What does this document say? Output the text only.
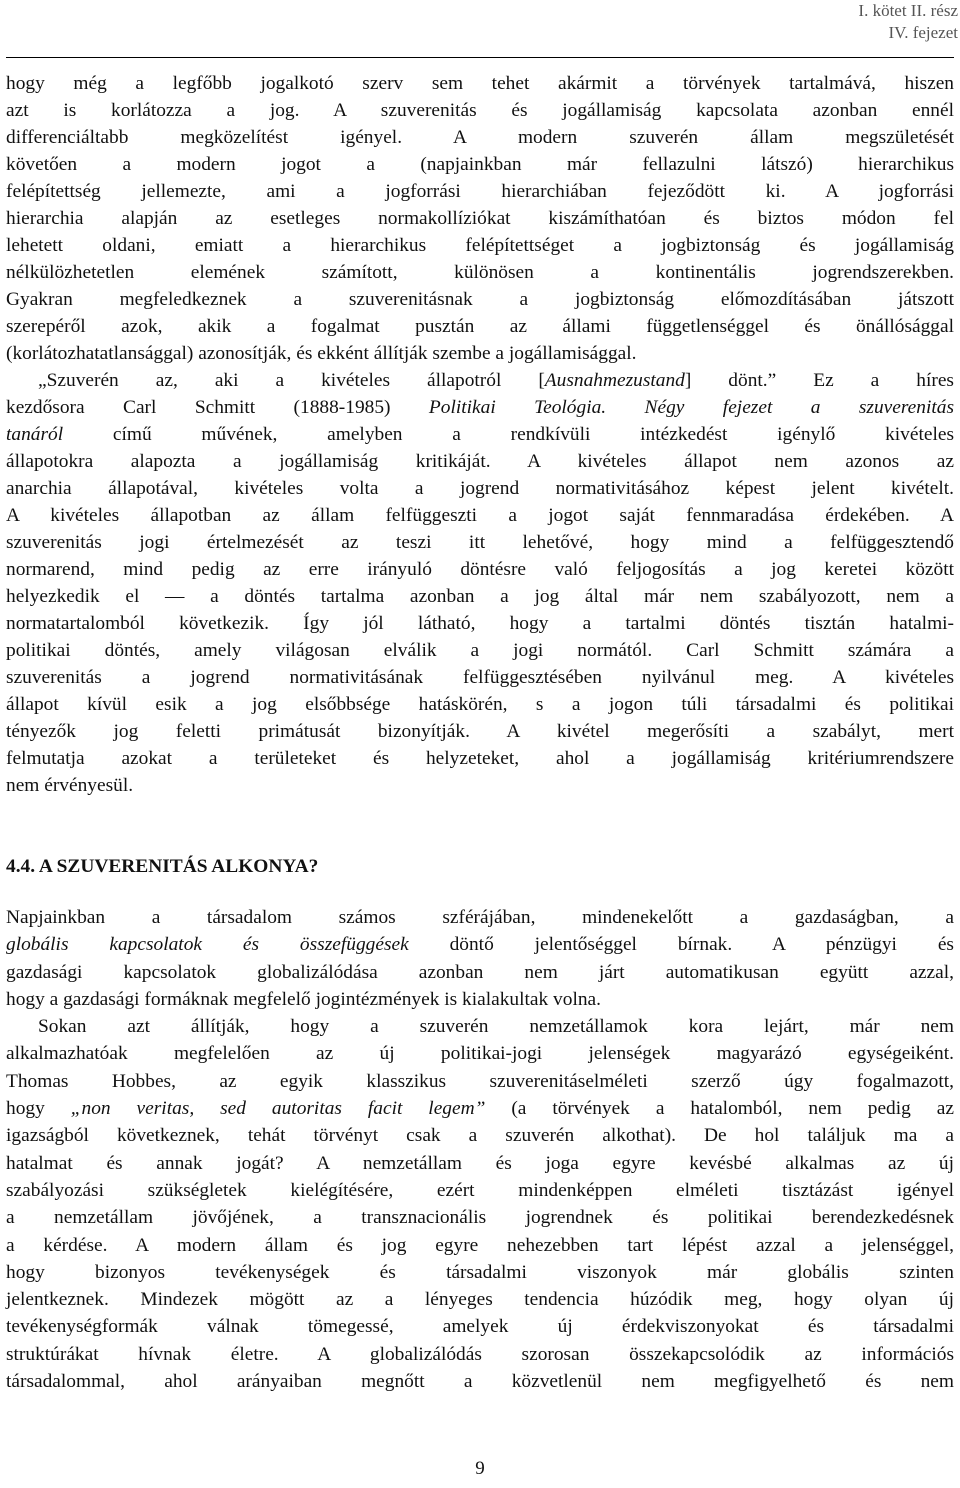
I. kötet II. rész
IV. fejezet

hogy még a legfőbb jogalkotó szerv sem tehet akármit a törvények tartalmává, hiszen
azt is korlátozza a jog. A szuverenitás és jogállamiság kapcsolata azonban ennél
differenciáltabb megközelítést igényel. A modern szuverén állam megszületését
követően a modern jogot a (napjainkban már fellazulni látszó) hierarchikus
felépítettség jellemezte, ami a jogforrási hierarchiában fejeződött ki. A jogforrási
hierarchia alapján az esetleges normakollíziókat kiszámíthatóan és biztos módon fel
lehetett oldani, emiatt a hierarchikus felépítettséget a jogbiztonság és jogállamiság
nélkülözhetetlen elemének számított, különösen a kontinentális jogrendszerekben.
Gyakran megfeledkeznek a szuverenitásnak a jogbiztonság előmozdításában játszott
szerepéről azok, akik a fogalmat pusztán az állami függetlenséggel és önállósággal
(korlátozhatatlansággal) azonosítják, és ekként állítják szembe a jogállamisággal.

„Szuverén az, aki a kivételes állapotról [Ausnahmezustand] dönt.” Ez a híres
kezdősora Carl Schmitt (1888-1985) Politikai Teológia. Négy fejezet a szuverenitás
tanáról című művének, amelyben a rendkívüli intézkedést igénylő kivételes
állapotokra alapozta a jogállamiság kritikáját. A kivételes állapot nem azonos az
anarchia állapotával, kivételes volta a jogrend normativitásához képest jelent kivételt.
A kivételes állapotban az állam felfüggeszti a jogot saját fennmaradása érdekében. A
szuverenitás jogi értelmezését az teszi itt lehetővé, hogy mind a felfüggesztendő
normarend, mind pedig az erre irányuló döntésre való feljogosítás a jog keretei között
helyezkedik el — a döntés tartalma azonban a jog által már nem szabályozott, nem a
normatartalomból következik. Így jól látható, hogy a tartalmi döntés tisztán hatalmi-
politikai döntés, amely világosan elválik a jogi normától. Carl Schmitt számára a
szuverenitás a jogrend normativitásának felfüggesztésében nyilvánul meg. A kivételes
állapot kívül esik a jog elsőbbsége hatáskörén, s a jogon túli társadalmi és politikai
tényezők jog feletti primátusát bizonyítják. A kivétel megerősíti a szabályt, mert
felmutatja azokat a területeket és helyzeteket, ahol a jogállamiság kritériumrendszere
nem érvényesül.

4.4. A SZUVERENITÁS ALKONYA?

Napjainkban a társadalom számos szférájában, mindenekelőtt a gazdaságban, a
globális kapcsolatok és összefüggések döntő jelentőséggel bírnak. A pénzügyi és
gazdasági kapcsolatok globalizálódása azonban nem járt automatikusan együtt azzal,
hogy a gazdasági formáknak megfelelő jogintézmények is kialakultak volna.

Sokan azt állítják, hogy a szuverén nemzetállamok kora lejárt, már nem
alkalmazhatóak megfelelően az új politikai-jogi jelenségek magyarázó egységeiként.
Thomas Hobbes, az egyik klasszikus szuverenitáselméleti szerző úgy fogalmazott,
hogy „non veritas, sed autoritas facit legem” (a törvények a hatalomból, nem pedig az
igazságból következnek, tehát törvényt csak a szuverén alkothat). De hol találjuk ma a
hatalmat és annak jogát? A nemzetállam és joga egyre kevésbé alkalmas az új
szabályozási szükségletek kielégítésére, ezért mindenképpen elméleti tisztázást igényel
a nemzetállam jövőjének, a transznacionális jogrendnek és politikai berendezkedésnek
a kérdése. A modern állam és jog egyre nehezebben tart lépést azzal a jelenséggel,
hogy bizonyos tevékenységek és társadalmi viszonyok már globális szinten
jelentkeznek. Mindezek mögött az a lényeges tendencia húzódik meg, hogy olyan új
tevékenységformák válnak tömegessé, amelyek új érdekviszonyokat és társadalmi
struktúrákat hívnak életre. A globalizálódás szorosan összekapcsolódik az információs
társadalommal, ahol arányaiban megnőtt a közvetlenül nem megfigyelhető és nem

9
